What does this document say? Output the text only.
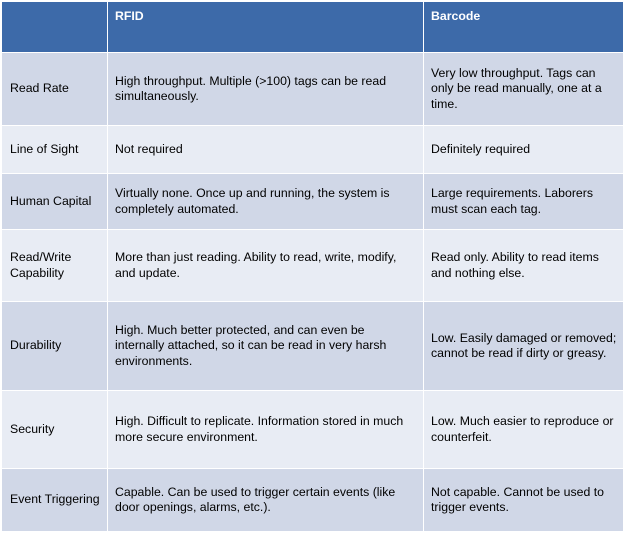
	RFID	Barcode
Read Rate	High throughput. Multiple (>100) tags can be read simultaneously.	Very low throughput. Tags can only be read manually, one at a time.
Line of Sight	Not required	Definitely required
Human Capital	Virtually none. Once up and running, the system is completely automated.	Large requirements. Laborers must scan each tag.
Read/Write Capability	More than just reading. Ability to read, write, modify, and update.	Read only. Ability to read items and nothing else.
Durability	High. Much better protected, and can even be internally attached, so it can be read in very harsh environments.	Low. Easily damaged or removed; cannot be read if dirty or greasy.
Security	High. Difficult to replicate. Information stored in much more secure environment.	Low. Much easier to reproduce or counterfeit.
Event Triggering	Capable. Can be used to trigger certain events (like door openings, alarms, etc.).	Not capable. Cannot be used to trigger events.
